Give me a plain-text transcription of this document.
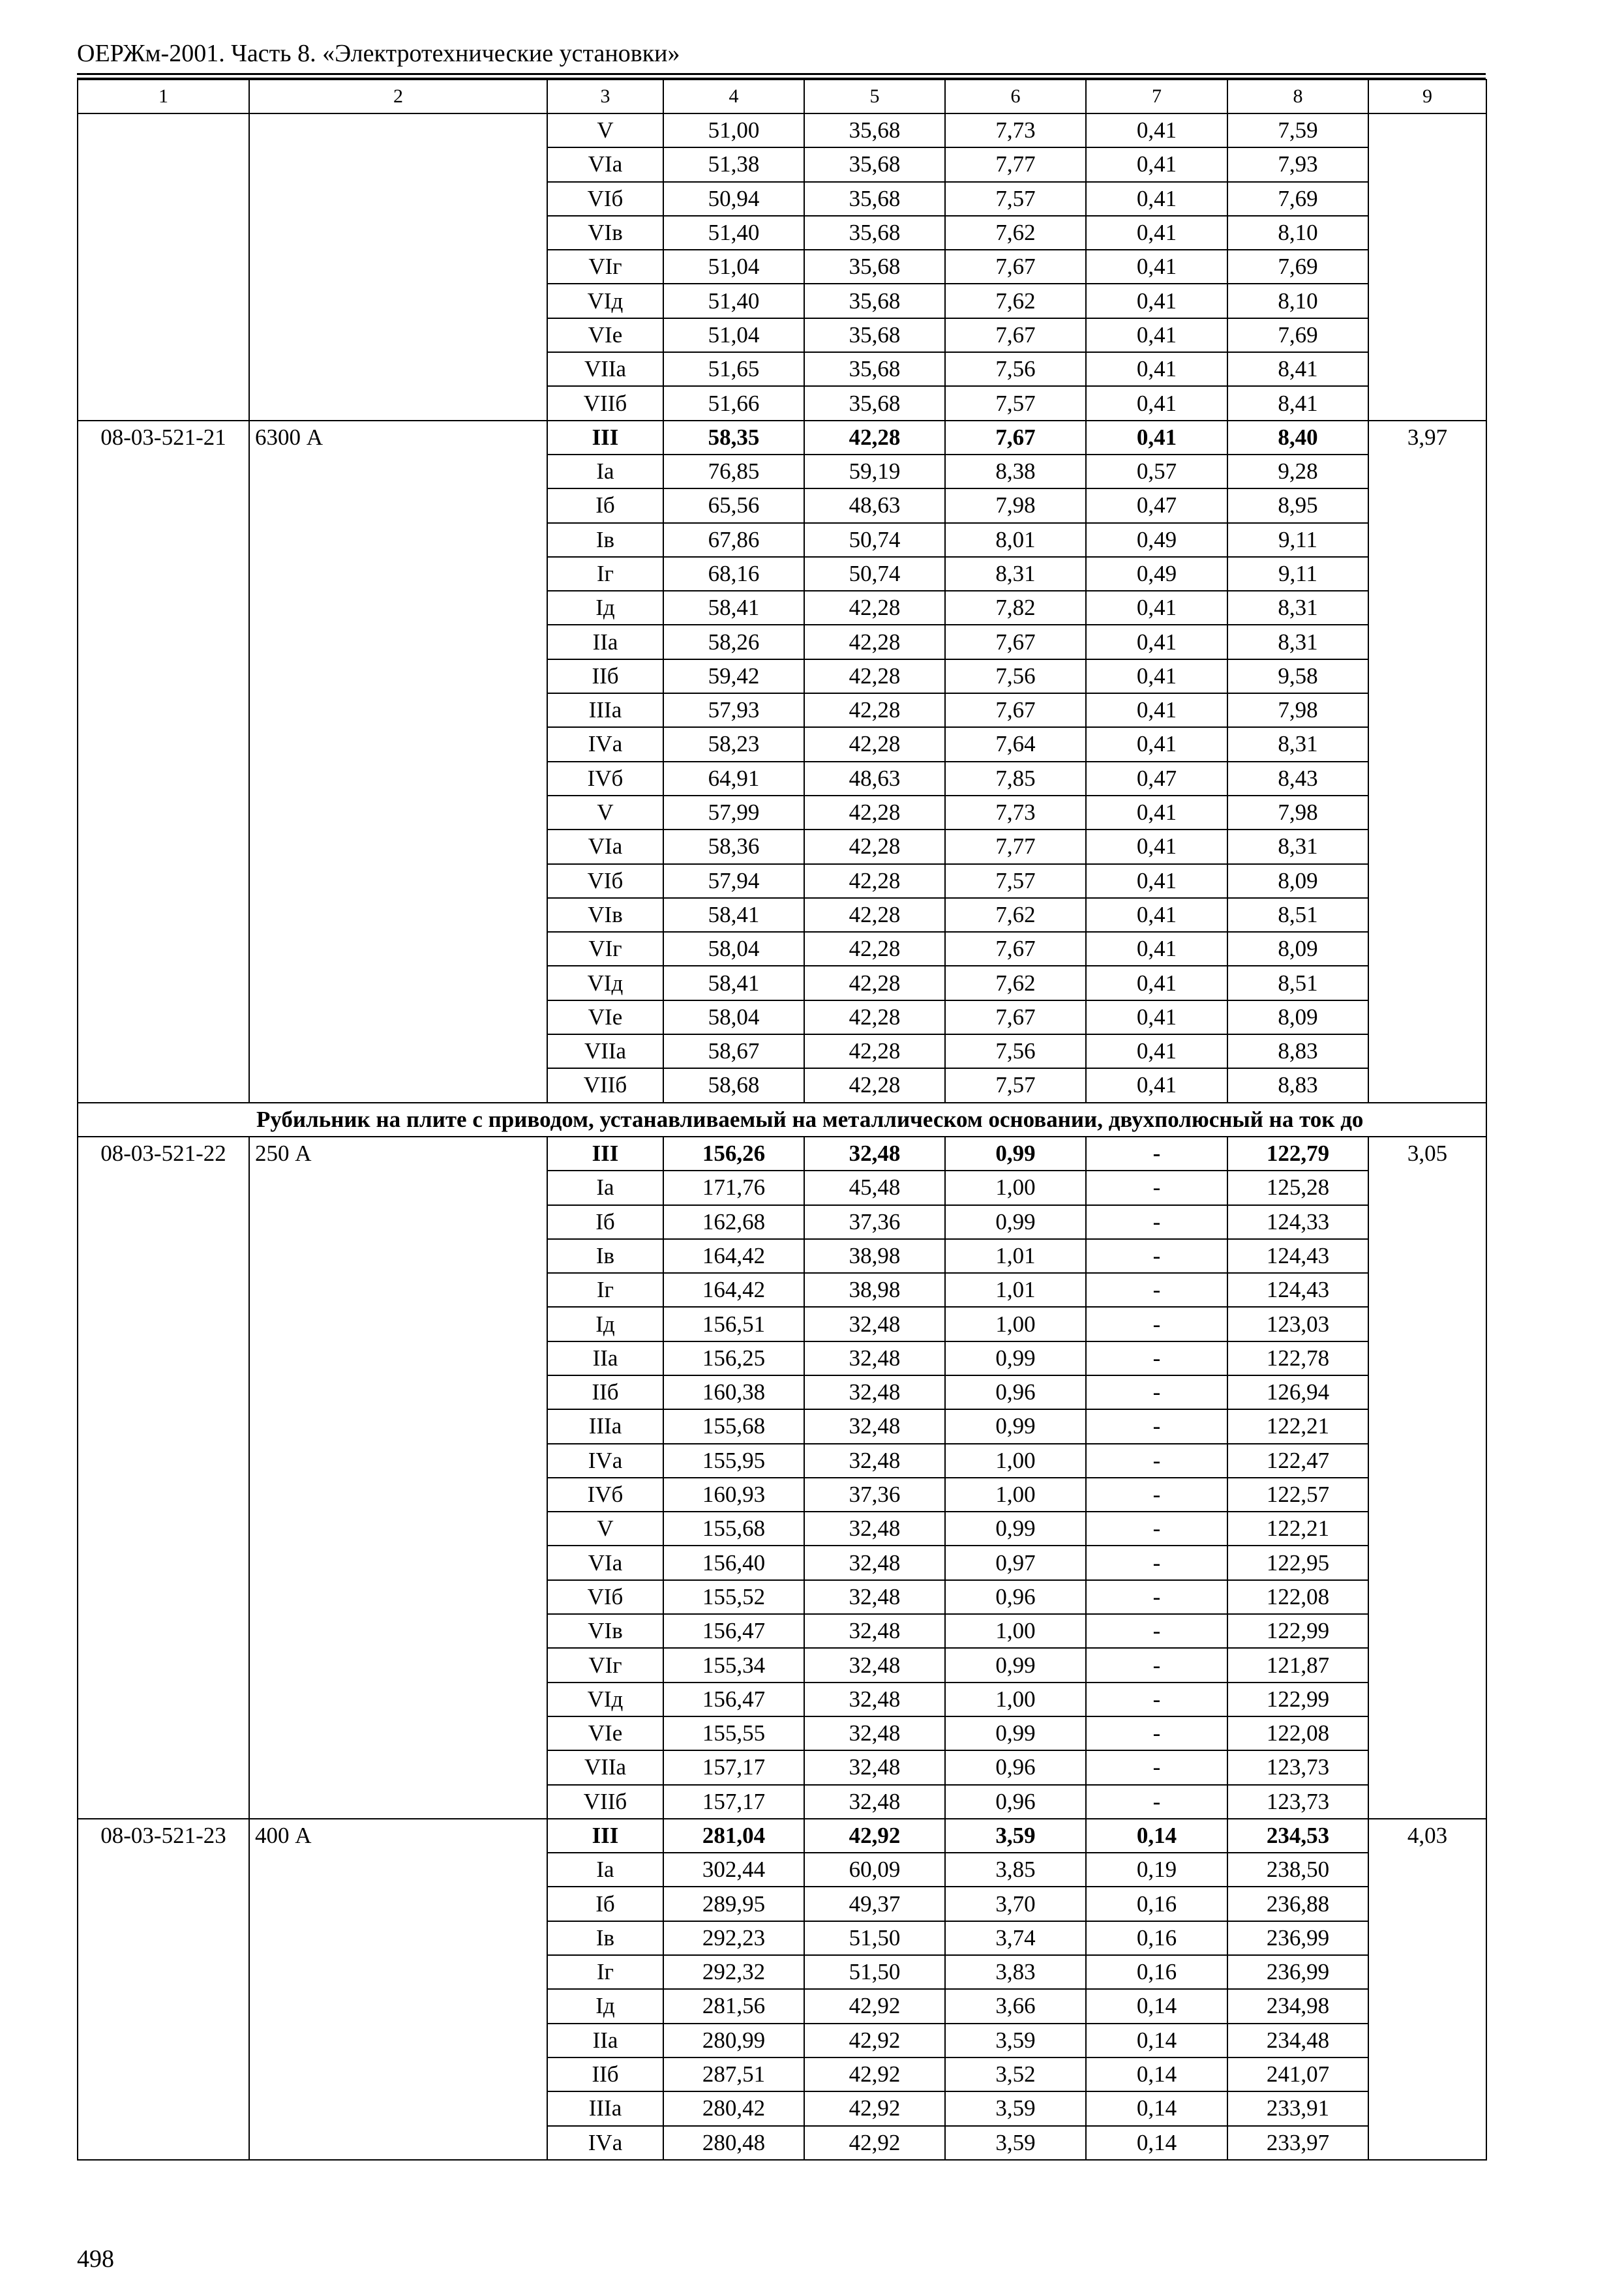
ОЕРЖм-2001. Часть 8. «Электротехнические установки»
1	2	3	4	5	6	7	8	9
		V	51,00	35,68	7,73	0,41	7,59	
		VIа	51,38	35,68	7,77	0,41	7,93	
		VIб	50,94	35,68	7,57	0,41	7,69	
		VIв	51,40	35,68	7,62	0,41	8,10	
		VIг	51,04	35,68	7,67	0,41	7,69	
		VIд	51,40	35,68	7,62	0,41	8,10	
		VIе	51,04	35,68	7,67	0,41	7,69	
		VIIа	51,65	35,68	7,56	0,41	8,41	
		VIIб	51,66	35,68	7,57	0,41	8,41	
08-03-521-21	6300 А	III	58,35	42,28	7,67	0,41	8,40	3,97
		Iа	76,85	59,19	8,38	0,57	9,28	
		Iб	65,56	48,63	7,98	0,47	8,95	
		Iв	67,86	50,74	8,01	0,49	9,11	
		Iг	68,16	50,74	8,31	0,49	9,11	
		Iд	58,41	42,28	7,82	0,41	8,31	
		IIа	58,26	42,28	7,67	0,41	8,31	
		IIб	59,42	42,28	7,56	0,41	9,58	
		IIIа	57,93	42,28	7,67	0,41	7,98	
		IVа	58,23	42,28	7,64	0,41	8,31	
		IVб	64,91	48,63	7,85	0,47	8,43	
		V	57,99	42,28	7,73	0,41	7,98	
		VIа	58,36	42,28	7,77	0,41	8,31	
		VIб	57,94	42,28	7,57	0,41	8,09	
		VIв	58,41	42,28	7,62	0,41	8,51	
		VIг	58,04	42,28	7,67	0,41	8,09	
		VIд	58,41	42,28	7,62	0,41	8,51	
		VIе	58,04	42,28	7,67	0,41	8,09	
		VIIа	58,67	42,28	7,56	0,41	8,83	
		VIIб	58,68	42,28	7,57	0,41	8,83	
Рубильник на плите с приводом, устанавливаемый на металлическом основании, двухполюсный на ток до								
08-03-521-22	250 А	III	156,26	32,48	0,99	-	122,79	3,05
		Iа	171,76	45,48	1,00	-	125,28	
		Iб	162,68	37,36	0,99	-	124,33	
		Iв	164,42	38,98	1,01	-	124,43	
		Iг	164,42	38,98	1,01	-	124,43	
		Iд	156,51	32,48	1,00	-	123,03	
		IIа	156,25	32,48	0,99	-	122,78	
		IIб	160,38	32,48	0,96	-	126,94	
		IIIа	155,68	32,48	0,99	-	122,21	
		IVа	155,95	32,48	1,00	-	122,47	
		IVб	160,93	37,36	1,00	-	122,57	
		V	155,68	32,48	0,99	-	122,21	
		VIа	156,40	32,48	0,97	-	122,95	
		VIб	155,52	32,48	0,96	-	122,08	
		VIв	156,47	32,48	1,00	-	122,99	
		VIг	155,34	32,48	0,99	-	121,87	
		VIд	156,47	32,48	1,00	-	122,99	
		VIе	155,55	32,48	0,99	-	122,08	
		VIIа	157,17	32,48	0,96	-	123,73	
		VIIб	157,17	32,48	0,96	-	123,73	
08-03-521-23	400 А	III	281,04	42,92	3,59	0,14	234,53	4,03
		Iа	302,44	60,09	3,85	0,19	238,50	
		Iб	289,95	49,37	3,70	0,16	236,88	
		Iв	292,23	51,50	3,74	0,16	236,99	
		Iг	292,32	51,50	3,83	0,16	236,99	
		Iд	281,56	42,92	3,66	0,14	234,98	
		IIа	280,99	42,92	3,59	0,14	234,48	
		IIб	287,51	42,92	3,52	0,14	241,07	
		IIIа	280,42	42,92	3,59	0,14	233,91	
		IVа	280,48	42,92	3,59	0,14	233,97	
498
